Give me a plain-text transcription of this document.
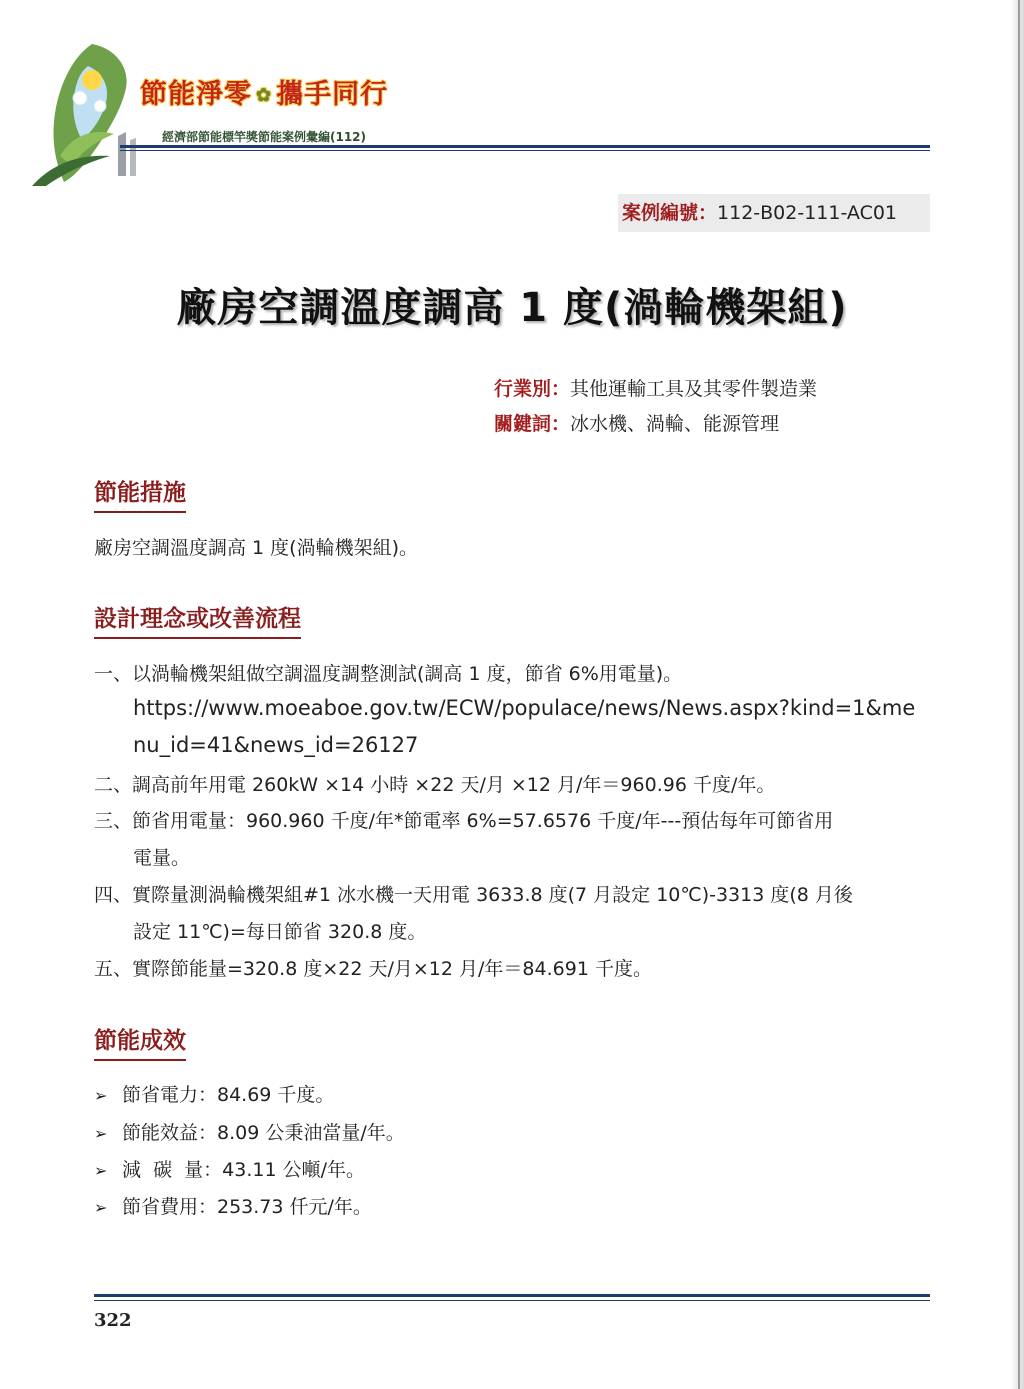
節能淨零 ✿ 攜手同行
經濟部節能標竿獎節能案例彙編(112)
案例編號：112-B02-111-AC01
廠房空調溫度調高 1 度(渦輪機架組)
行業別：其他運輸工具及其零件製造業
關鍵詞：冰水機、渦輪、能源管理
節能措施
廠房空調溫度調高 1 度(渦輪機架組)。
設計理念或改善流程
一、以渦輪機架組做空調溫度調整測試(調高 1 度，節省 6%用電量)。
https://www.moeaboe.gov.tw/ECW/populace/news/News.aspx?kind=1&me
nu_id=41&news_id=26127
二、調高前年用電 260kW ×14 小時 ×22 天/月 ×12 月/年＝960.96 千度/年。
三、節省用電量：960.960 千度/年*節電率 6%=57.6576 千度/年---預估每年可節省用
電量。
四、實際量測渦輪機架組#1 冰水機一天用電 3633.8 度(7 月設定 10℃)-3313 度(8 月後
設定 11℃)=每日節省 320.8 度。
五、實際節能量=320.8 度×22 天/月×12 月/年＝84.691 千度。
節能成效
➢ 節省電力：84.69 千度。
➢ 節能效益：8.09 公秉油當量/年。
➢ 減  碳  量：43.11 公噸/年。
➢ 節省費用：253.73 仟元/年。
322
